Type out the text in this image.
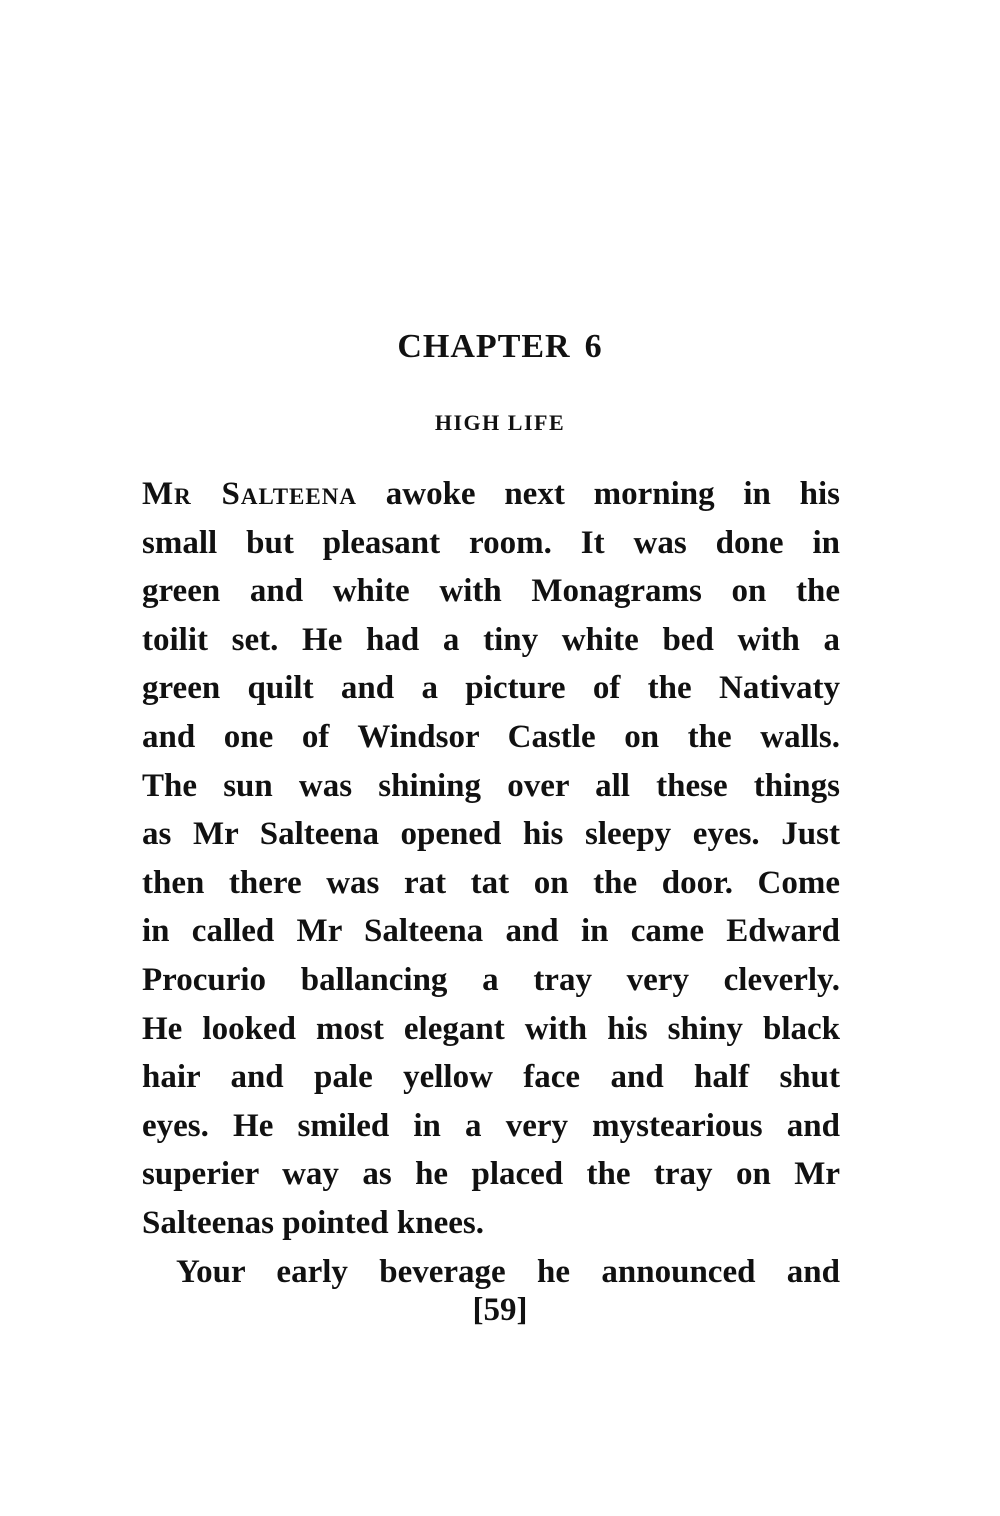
CHAPTER 6
HIGH LIFE
Mr Salteena awoke next morning in his
small but pleasant room. It was done in
green and white with Monagrams on the
toilit set. He had a tiny white bed with a
green quilt and a picture of the Nativaty
and one of Windsor Castle on the walls.
The sun was shining over all these things
as Mr Salteena opened his sleepy eyes. Just
then there was rat tat on the door. Come
in called Mr Salteena and in came Edward
Procurio ballancing a tray very cleverly.
He looked most elegant with his shiny black
hair and pale yellow face and half shut
eyes. He smiled in a very mystearious and
superier way as he placed the tray on Mr
Salteenas pointed knees.
Your early beverage he announced and
[59]
